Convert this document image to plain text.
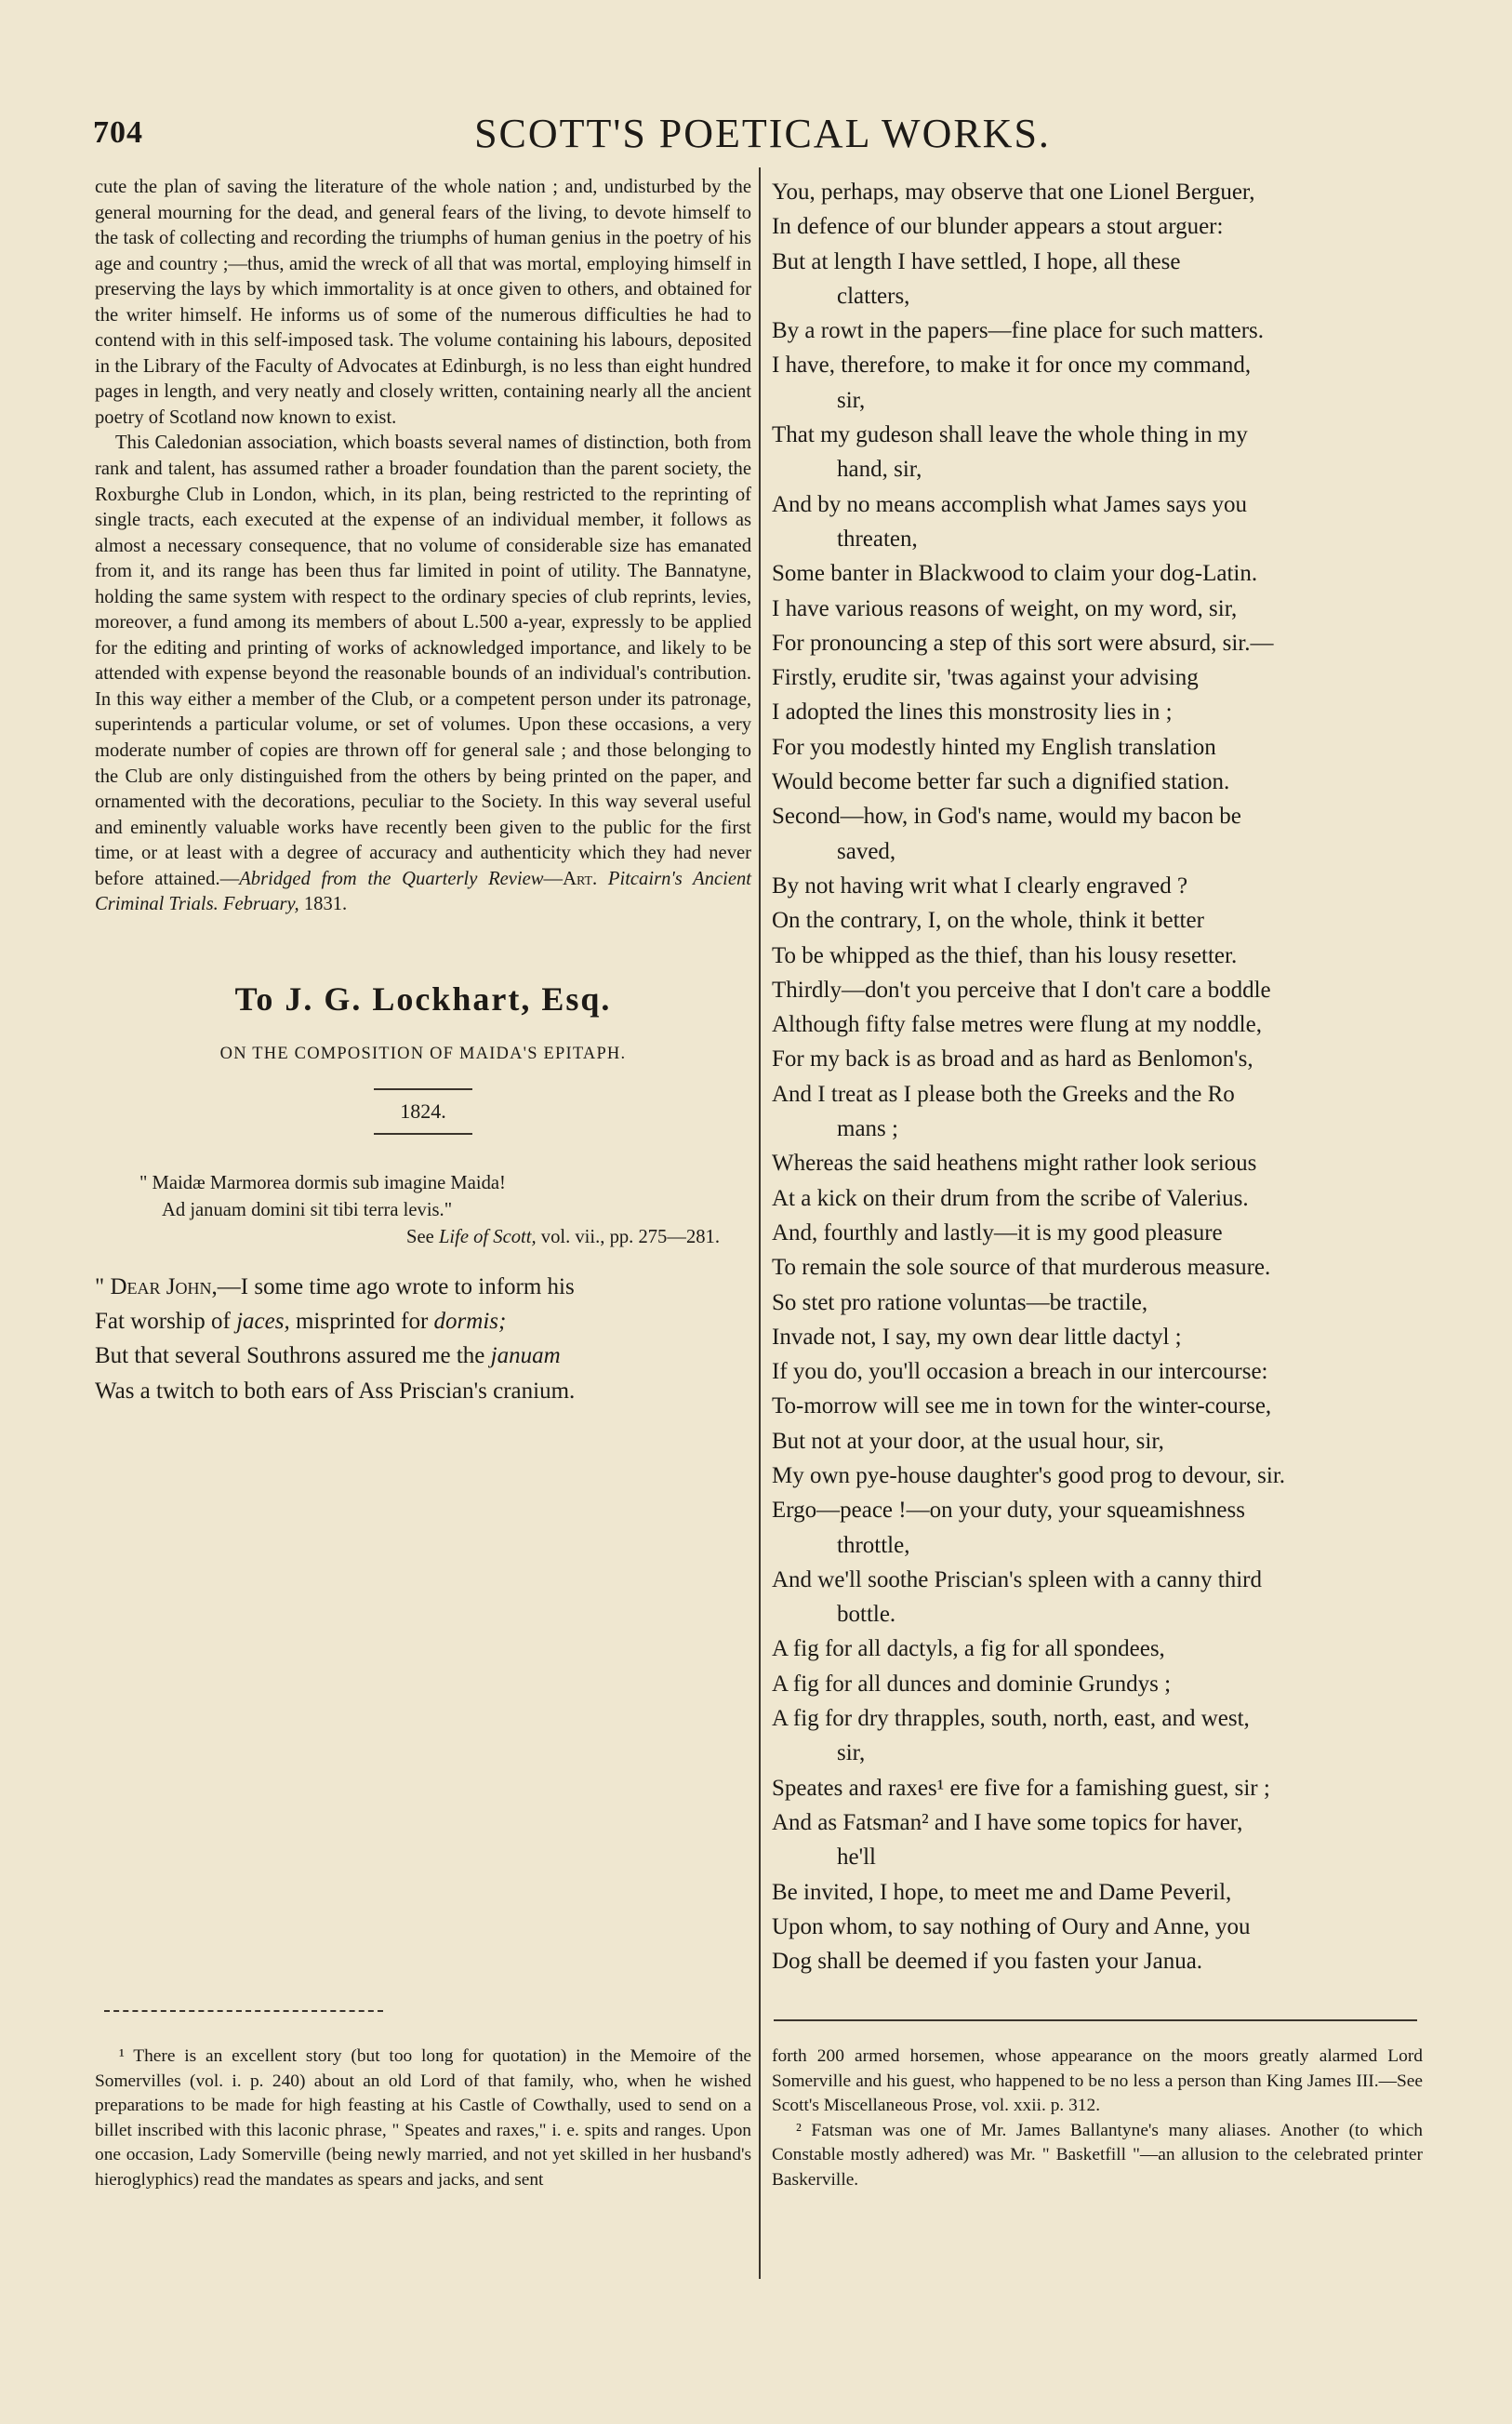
704	SCOTT'S POETICAL WORKS.

cute the plan of saving the literature of the whole nation ; and, undisturbed by the general mourning for the dead, and general fears of the living, to devote himself to the task of collecting and recording the triumphs of human genius in the poetry of his age and country ;—thus, amid the wreck of all that was mortal, employing himself in preserving the lays by which immortality is at once given to others, and obtained for the writer himself. He informs us of some of the numerous difficulties he had to contend with in this self-imposed task. The volume containing his labours, deposited in the Library of the Faculty of Advocates at Edinburgh, is no less than eight hundred pages in length, and very neatly and closely written, containing nearly all the ancient poetry of Scotland now known to exist.

This Caledonian association, which boasts several names of distinction, both from rank and talent, has assumed rather a broader foundation than the parent society, the Roxburghe Club in London, which, in its plan, being restricted to the reprinting of single tracts, each executed at the expense of an individual member, it follows as almost a necessary consequence, that no volume of considerable size has emanated from it, and its range has been thus far limited in point of utility. The Bannatyne, holding the same system with respect to the ordinary species of club reprints, levies, moreover, a fund among its members of about L.500 a-year, expressly to be applied for the editing and printing of works of acknowledged importance, and likely to be attended with expense beyond the reasonable bounds of an individual's contribution. In this way either a member of the Club, or a competent person under its patronage, superintends a particular volume, or set of volumes. Upon these occasions, a very moderate number of copies are thrown off for general sale ; and those belonging to the Club are only distinguished from the others by being printed on the paper, and ornamented with the decorations, peculiar to the Society. In this way several useful and eminently valuable works have recently been given to the public for the first time, or at least with a degree of accuracy and authenticity which they had never before attained.—Abridged from the Quarterly Review—Art. Pitcairn's Ancient Criminal Trials. February, 1831.

To J. G. Lockhart, Esq.
ON THE COMPOSITION OF MAIDA'S EPITAPH.
1824.
" Maidæ Marmorea dormis sub imagine Maida!
Ad januam domini sit tibi terra levis."
See Life of Scott, vol. vii., pp. 275—281.
" Dear John,—I some time ago wrote to inform his
Fat worship of jaces, misprinted for dormis;
But that several Southrons assured me the januam
Was a twitch to both ears of Ass Priscian's cranium.
You, perhaps, may observe that one Lionel Berguer,
In defence of our blunder appears a stout arguer:
But at length I have settled, I hope, all these
clatters,
By a rowt in the papers—fine place for such matters.
I have, therefore, to make it for once my command,
sir,
That my gudeson shall leave the whole thing in my
hand, sir,
And by no means accomplish what James says you
threaten,
Some banter in Blackwood to claim your dog-Latin.
I have various reasons of weight, on my word, sir,
For pronouncing a step of this sort were absurd, sir.—
Firstly, erudite sir, 'twas against your advising
I adopted the lines this monstrosity lies in ;
For you modestly hinted my English translation
Would become better far such a dignified station.
Second—how, in God's name, would my bacon be
saved,
By not having writ what I clearly engraved ?
On the contrary, I, on the whole, think it better
To be whipped as the thief, than his lousy resetter.
Thirdly—don't you perceive that I don't care a boddle
Although fifty false metres were flung at my noddle,
For my back is as broad and as hard as Benlomon's,
And I treat as I please both the Greeks and the Ro
mans ;
Whereas the said heathens might rather look serious
At a kick on their drum from the scribe of Valerius.
And, fourthly and lastly—it is my good pleasure
To remain the sole source of that murderous measure.
So stet pro ratione voluntas—be tractile,
Invade not, I say, my own dear little dactyl ;
If you do, you'll occasion a breach in our intercourse:
To-morrow will see me in town for the winter-course,
But not at your door, at the usual hour, sir,
My own pye-house daughter's good prog to devour, sir.
Ergo—peace !—on your duty, your squeamishness
throttle,
And we'll soothe Priscian's spleen with a canny third
bottle.
A fig for all dactyls, a fig for all spondees,
A fig for all dunces and dominie Grundys ;
A fig for dry thrapples, south, north, east, and west,
sir,
Speates and raxes¹ ere five for a famishing guest, sir ;
And as Fatsman² and I have some topics for haver,
he'll
Be invited, I hope, to meet me and Dame Peveril,
Upon whom, to say nothing of Oury and Anne, you
Dog shall be deemed if you fasten your Janua.

¹ There is an excellent story (but too long for quotation) in the Memoire of the Somervilles (vol. i. p. 240) about an old Lord of that family, who, when he wished preparations to be made for high feasting at his Castle of Cowthally, used to send on a billet inscribed with this laconic phrase, " Speates and raxes," i. e. spits and ranges. Upon one occasion, Lady Somerville (being newly married, and not yet skilled in her husband's hieroglyphics) read the mandates as spears and jacks, and sent

forth 200 armed horsemen, whose appearance on the moors greatly alarmed Lord Somerville and his guest, who happened to be no less a person than King James III.—See Scott's Miscellaneous Prose, vol. xxii. p. 312.

² Fatsman was one of Mr. James Ballantyne's many aliases. Another (to which Constable mostly adhered) was Mr. " Basketfill "—an allusion to the celebrated printer Baskerville.
